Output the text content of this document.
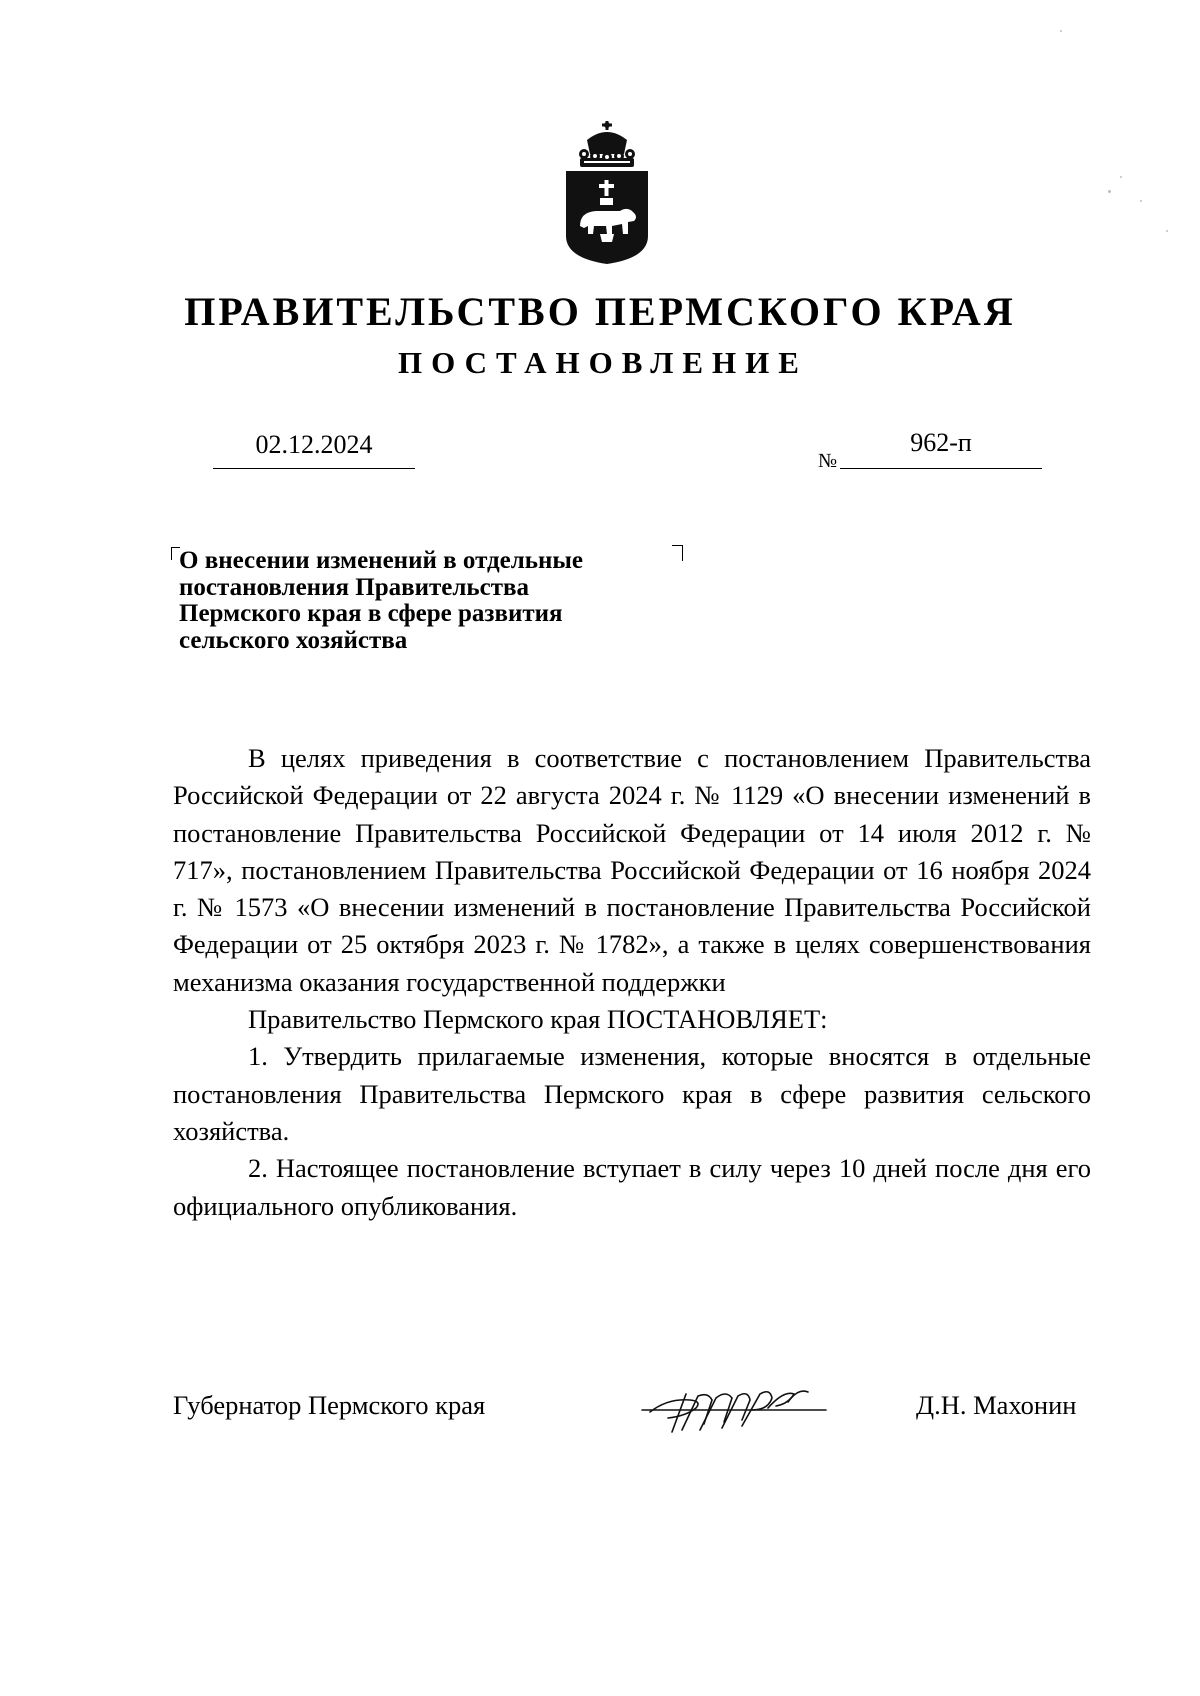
ПРАВИТЕЛЬСТВО ПЕРМСКОГО КРАЯ
ПОСТАНОВЛЕНИЕ
02.12.2024
№
962-п
О внесении изменений в отдельные
постановления Правительства
Пермского края в сфере развития
сельского хозяйства

В целях приведения в соответствие с постановлением Правительства Российской Федерации от 22 августа 2024 г. № 1129 «О внесении изменений в постановление Правительства Российской Федерации от 14 июля 2012 г. № 717», постановлением Правительства Российской Федерации от 16 ноября 2024 г. № 1573 «О внесении изменений в постановление Правительства Российской Федерации от 25 октября 2023 г. № 1782», а также в целях совершенствования механизма оказания государственной поддержки

Правительство Пермского края ПОСТАНОВЛЯЕТ:

1. Утвердить прилагаемые изменения, которые вносятся в отдельные постановления Правительства Пермского края в сфере развития сельского хозяйства.

2. Настоящее постановление вступает в силу через 10 дней после дня его официального опубликования.

Губернатор Пермского края	Д.Н. Махонин
